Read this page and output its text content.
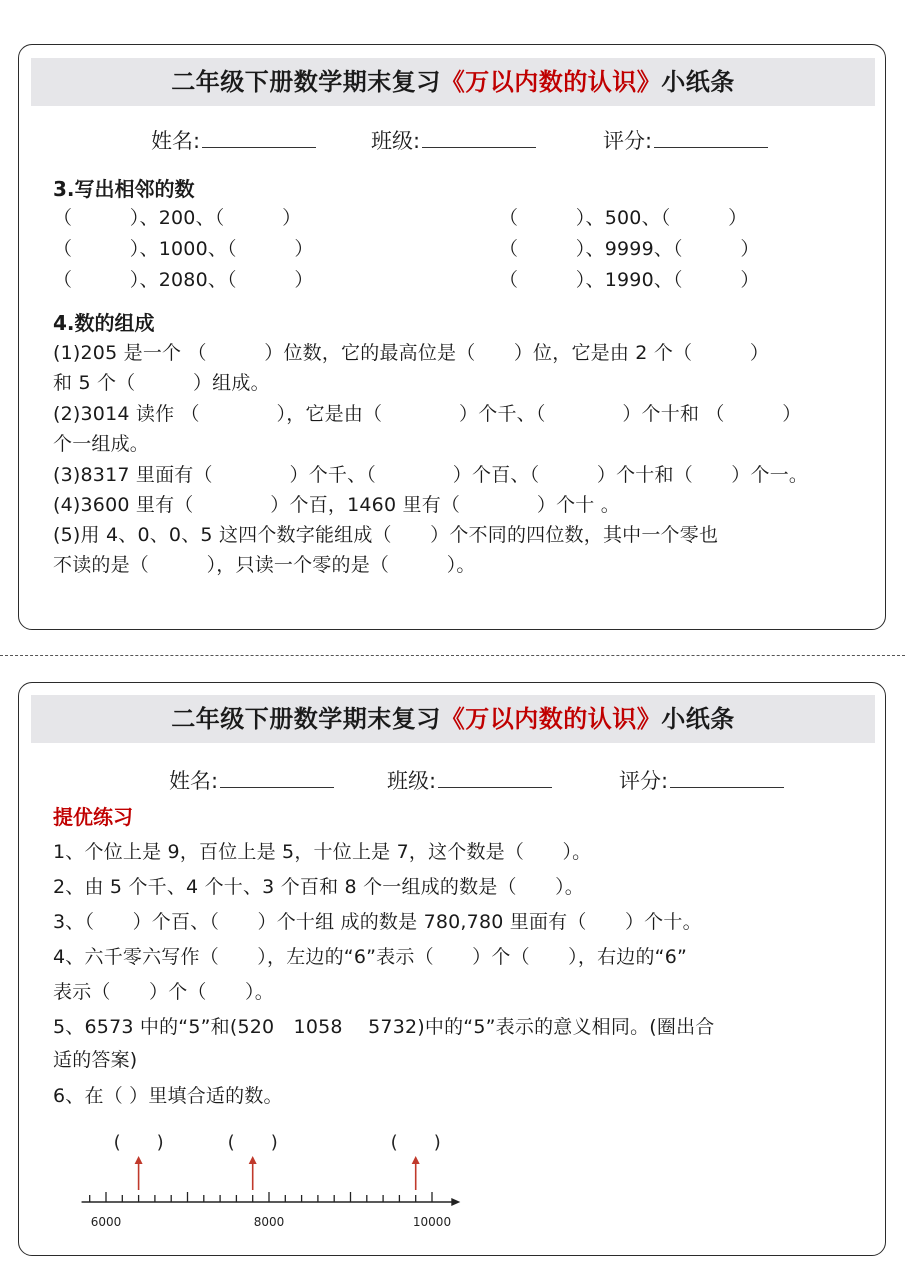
二年级下册数学期末复习《万以内数的认识》小纸条
姓名:	班级:	评分:
3.写出相邻的数
（　　　）、200、（　　　）	（　　　）、500、（　　　）
（　　　）、1000、（　　　）	（　　　）、9999、（　　　）
（　　　）、2080、（　　　）	（　　　）、1990、（　　　）
4.数的组成
(1)205 是一个 （　　　）位数，它的最高位是（　　）位，它是由 2 个（　　　）
和 5 个（　　　）组成。
(2)3014 读作 （　　　　），它是由（　　　　）个千、（　　　　）个十和 （　　　）
个一组成。
(3)8317 里面有（　　　　）个千、（　　　　）个百、（　　　）个十和（　　）个一。
(4)3600 里有（　　　　）个百，1460 里有（　　　　）个十 。
(5)用 4、0、0、5 这四个数字能组成（　　）个不同的四位数，其中一个零也
不读的是（　　　），只读一个零的是（　　　）。
二年级下册数学期末复习《万以内数的认识》小纸条
姓名:	班级:	评分:
提优练习
1、个位上是 9，百位上是 5，十位上是 7，这个数是（　　）。
2、由 5 个千、4 个十、3 个百和 8 个一组成的数是（　　）。
3、（　　）个百、（　　）个十组 成的数是 780,780 里面有（　　）个十。
4、六千零六写作（　　），左边的“6”表示（　　）个（　　），右边的“6”
表示（　　）个（　　）。
5、6573 中的“5”和(520　1058　 5732)中的“5”表示的意义相同。(圈出合
适的答案)
6、在（ ）里填合适的数。
6000	8000	10000
(　　)	(　　)	(　　)
